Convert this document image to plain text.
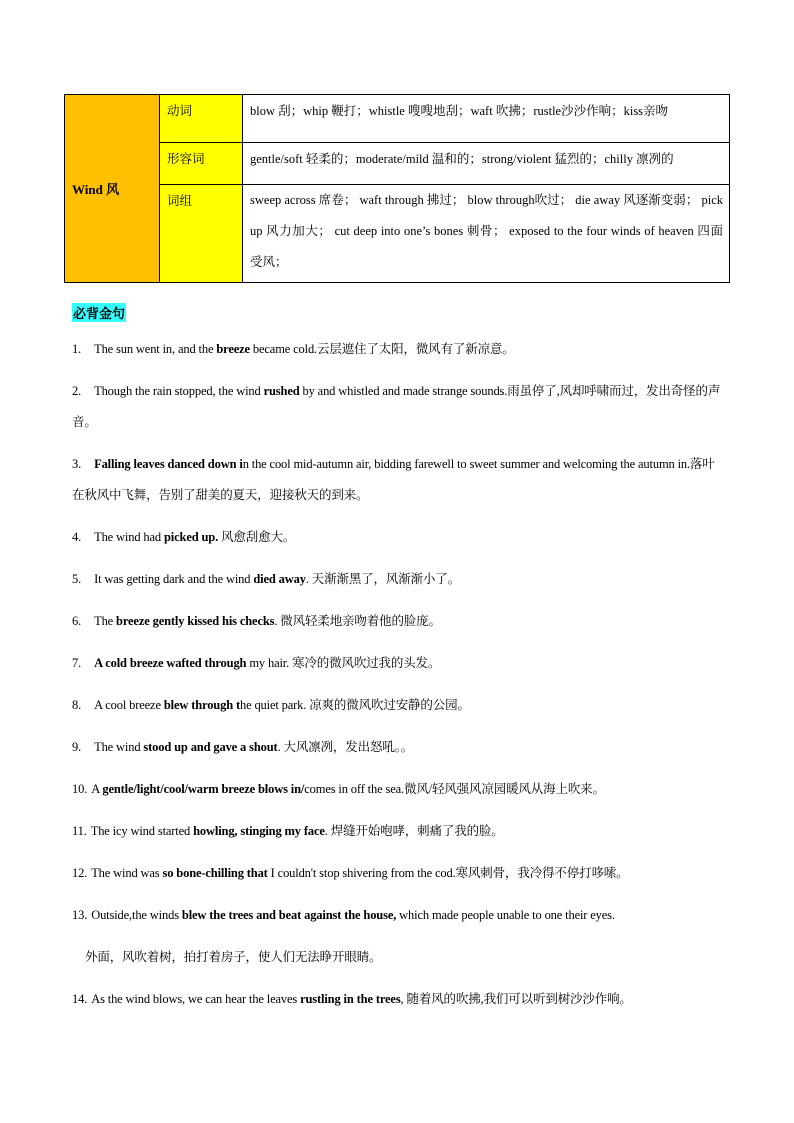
Wind 风	动词	blow 刮；whip 鞭打；whistle 嗖嗖地刮；waft 吹拂；rustle沙沙作响；kiss亲吻
	形容词	gentle/soft 轻柔的；moderate/mild 温和的；strong/violent 猛烈的；chilly 凛冽的
	词组	sweep across 席卷； waft through 拂过； blow through吹过； die away 风逐渐变弱； pick up 风力加大； cut deep into one’s bones 刺骨； exposed to the four winds of heaven 四面受风；
必背金句

1. The sun went in, and the breeze became cold.云层遮住了太阳，微风有了新凉意。

2. Though the rain stopped, the wind rushed by and whistled and made strange sounds.雨虽停了,风却呼啸而过，发出奇怪的声音。

3. Falling leaves danced down in the cool mid-autumn air, bidding farewell to sweet summer and welcoming the autumn in.落叶在秋风中飞舞，告别了甜美的夏天，迎接秋天的到来。

4. The wind had picked up. 风愈刮愈大。

5. It was getting dark and the wind died away. 天渐渐黑了，风渐渐小了。

6. The breeze gently kissed his checks. 微风轻柔地亲吻着他的脸庞。

7. A cold breeze wafted through my hair. 寒冷的微风吹过我的头发。

8. A cool breeze blew through the quiet park. 凉爽的微风吹过安静的公园。

9. The wind stood up and gave a shout. 大风凛冽，发出怒吼。。

10. A gentle/light/cool/warm breeze blows in/comes in off the sea.微风/轻风强风凉园暖风从海上吹来。

11. The icy wind started howling, stinging my face. 焊缝开始咆哮，刺痛了我的脸。

12. The wind was so bone-chilling that I couldn't stop shivering from the cod.寒风刺骨，我冷得不停打哆嗦。

13. Outside,the winds blew the trees and beat against the house, which made people unable to one their eyes.

外面，风吹着树，拍打着房子，使人们无法睁开眼睛。

14. As the wind blows, we can hear the leaves rustling in the trees, 随着风的吹拂,我们可以听到树沙沙作响。
